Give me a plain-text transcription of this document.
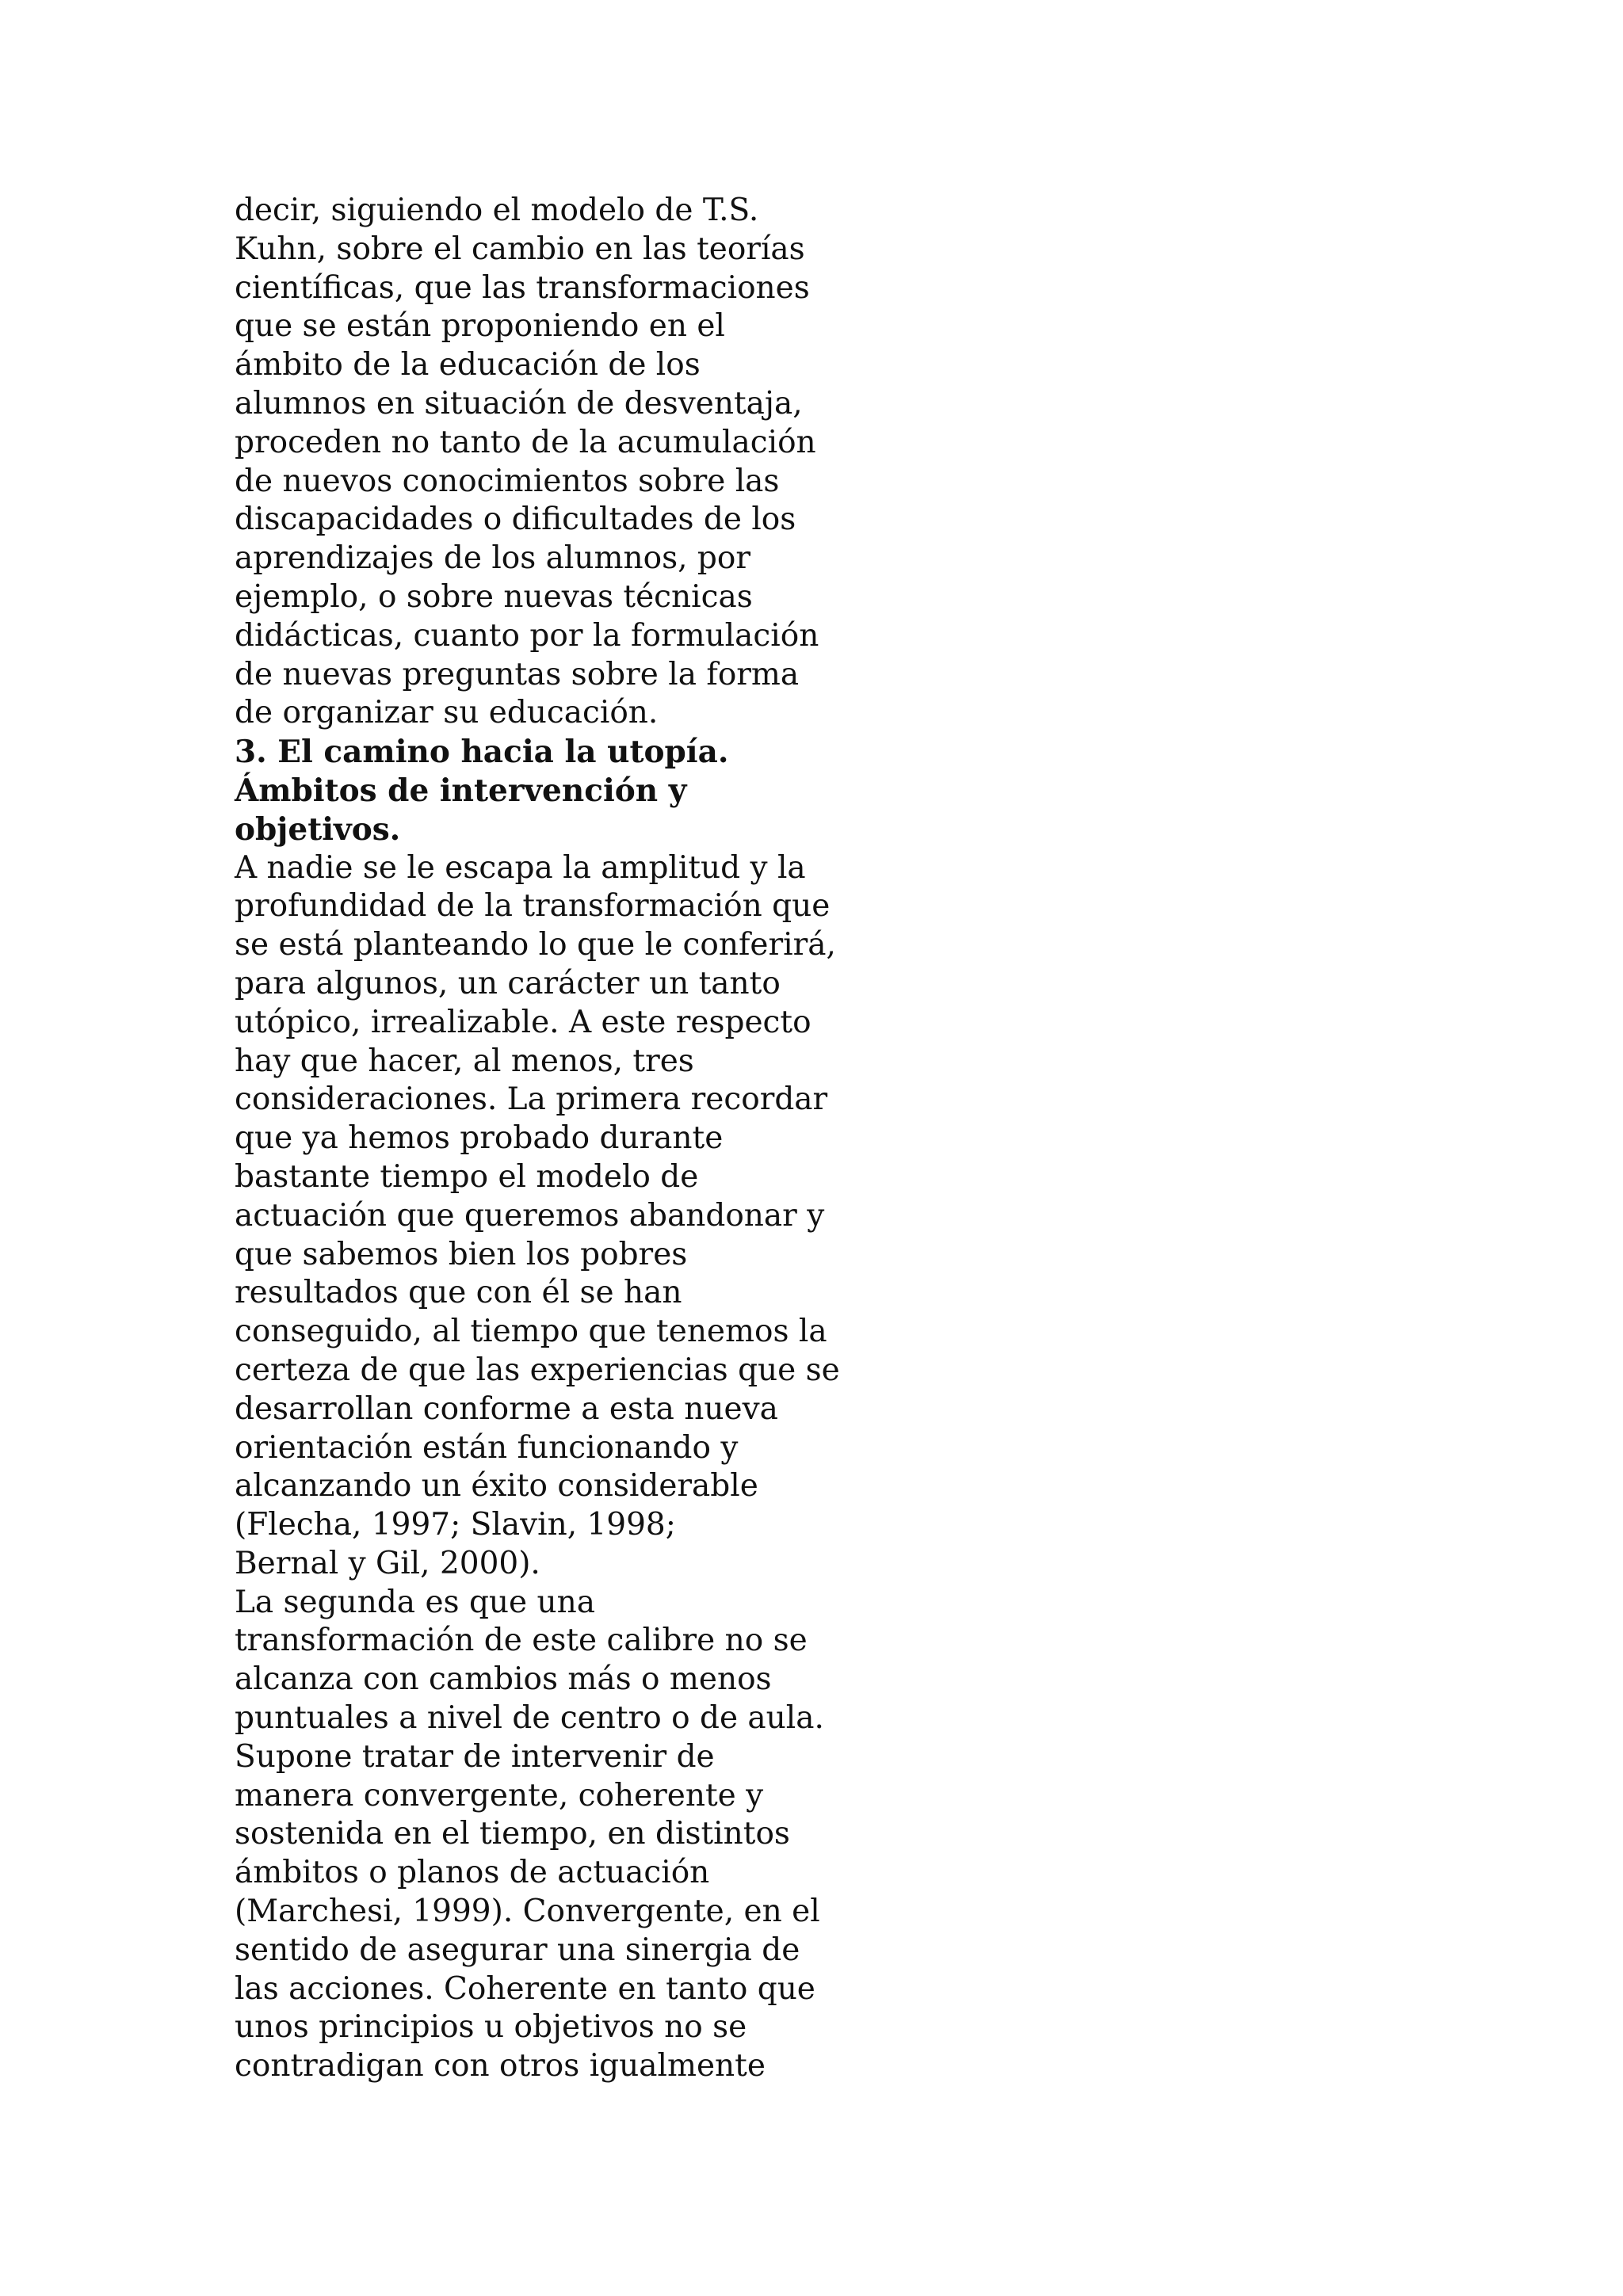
decir, siguiendo el modelo de T.S.
Kuhn, sobre el cambio en las teorías
científicas, que las transformaciones
que se están proponiendo en el
ámbito de la educación de los
alumnos en situación de desventaja,
proceden no tanto de la acumulación
de nuevos conocimientos sobre las
discapacidades o dificultades de los
aprendizajes de los alumnos, por
ejemplo, o sobre nuevas técnicas
didácticas, cuanto por la formulación
de nuevas preguntas sobre la forma
de organizar su educación.
3. El camino hacia la utopía.
Ámbitos de intervención y
objetivos.
A nadie se le escapa la amplitud y la
profundidad de la transformación que
se está planteando lo que le conferirá,
para algunos, un carácter un tanto
utópico, irrealizable. A este respecto
hay que hacer, al menos, tres
consideraciones. La primera recordar
que ya hemos probado durante
bastante tiempo el modelo de
actuación que queremos abandonar y
que sabemos bien los pobres
resultados que con él se han
conseguido, al tiempo que tenemos la
certeza de que las experiencias que se
desarrollan conforme a esta nueva
orientación están funcionando y
alcanzando un éxito considerable
(Flecha, 1997; Slavin, 1998;
Bernal y Gil, 2000).
La segunda es que una
transformación de este calibre no se
alcanza con cambios más o menos
puntuales a nivel de centro o de aula.
Supone tratar de intervenir de
manera convergente, coherente y
sostenida en el tiempo, en distintos
ámbitos o planos de actuación
(Marchesi, 1999). Convergente, en el
sentido de asegurar una sinergia de
las acciones. Coherente en tanto que
unos principios u objetivos no se
contradigan con otros igualmente
